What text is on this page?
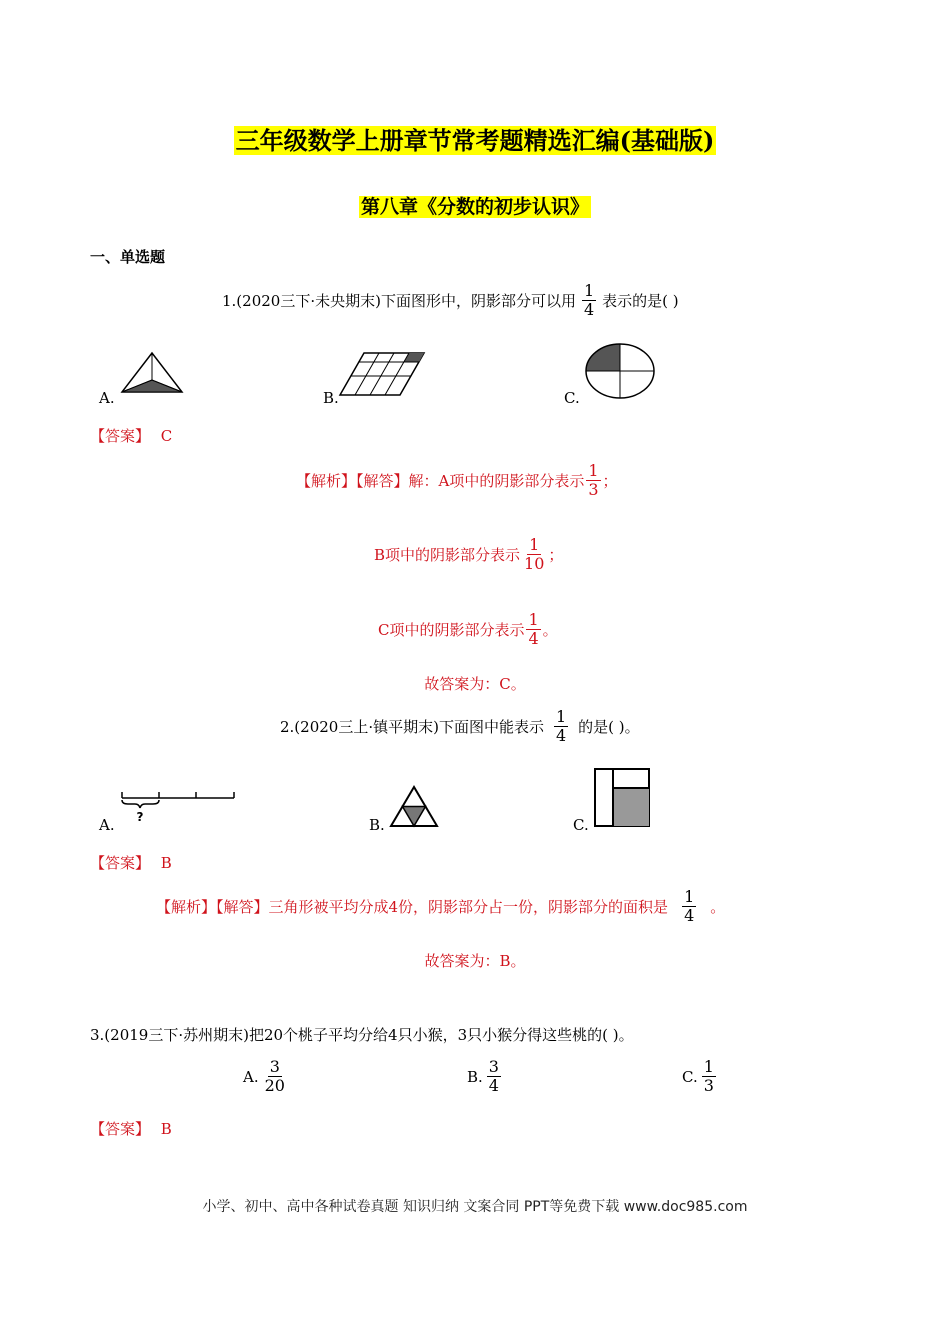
三年级数学上册章节常考题精选汇编(基础版)
第八章《分数的初步认识》
一、单选题
1.(2020三下·未央期末)下面图形中，阴影部分可以用 $\frac{1}{4}$ 表示的是( )
A.	B.	C.
【答案】 C
【解析】【解答】解：A项中的阴影部分表示 $\frac{1}{3}$ ；
B项中的阴影部分表示 $\frac{1}{10}$ ；
C项中的阴影部分表示 $\frac{1}{4}$ 。
故答案为：C。
2.(2020三上·镇平期末)下面图中能表示 $\frac{1}{4}$ 的是( )。
?
A.	B.	C.
【答案】 B
【解析】【解答】三角形被平均分成4份，阴影部分占一份，阴影部分的面积是 $\frac{1}{4}$ 。
故答案为：B。
3.(2019三下·苏州期末)把20个桃子平均分给4只小猴，3只小猴分得这些桃的( )。
A. $\frac{3}{20}$	B. $\frac{3}{4}$	C. $\frac{1}{3}$
【答案】 B
小学、初中、高中各种试卷真题 知识归纳 文案合同 PPT等免费下载 www.doc985.com
